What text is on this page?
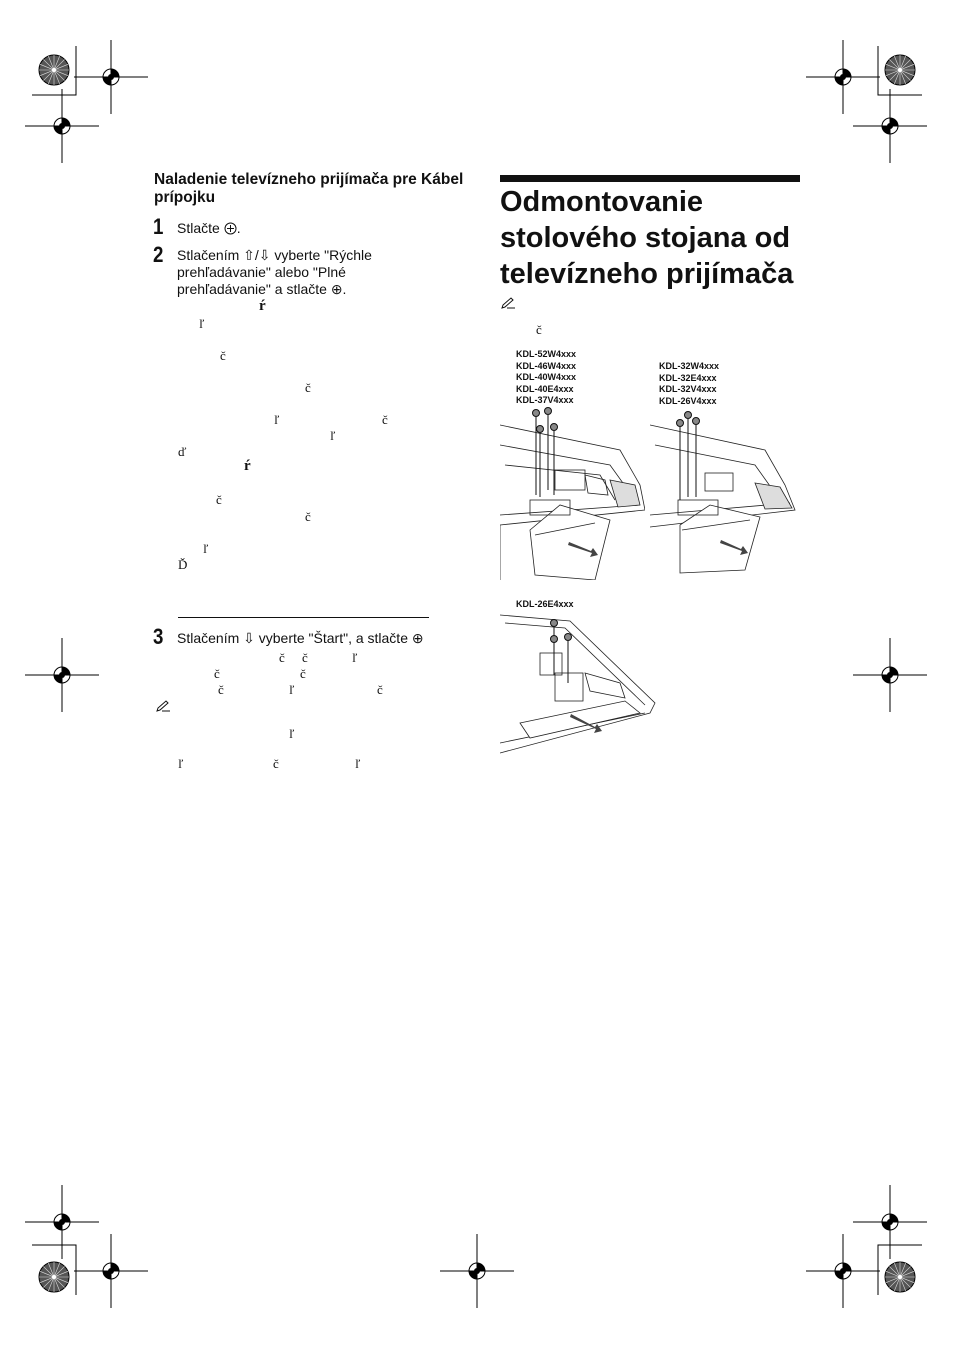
Naladenie televízneho prijímača pre Kábel prípojku
1 Stlačte .
2 Stlačením ⇧/⇩ vyberte "Rýchle
prehľadávanie" alebo "Plné
prehľadávanie" a stlačte ⊕.
ŕ
ľ
č
č
ľ	č
ľ
ď
ŕ
č
č
ľ
Ď
3 Stlačením ⇩ vyberte "Štart", a stlačte ⊕
č č	ľ
č	č
č	ľ	č
ľ
ľ	č	ľ
Odmontovanie
stolového stojana od
televízneho prijímača
č
KDL-52W4xxx
KDL-46W4xxx
KDL-40W4xxx
KDL-40E4xxx
KDL-37V4xxx
KDL-32W4xxx
KDL-32E4xxx
KDL-32V4xxx
KDL-26V4xxx
KDL-26E4xxx
